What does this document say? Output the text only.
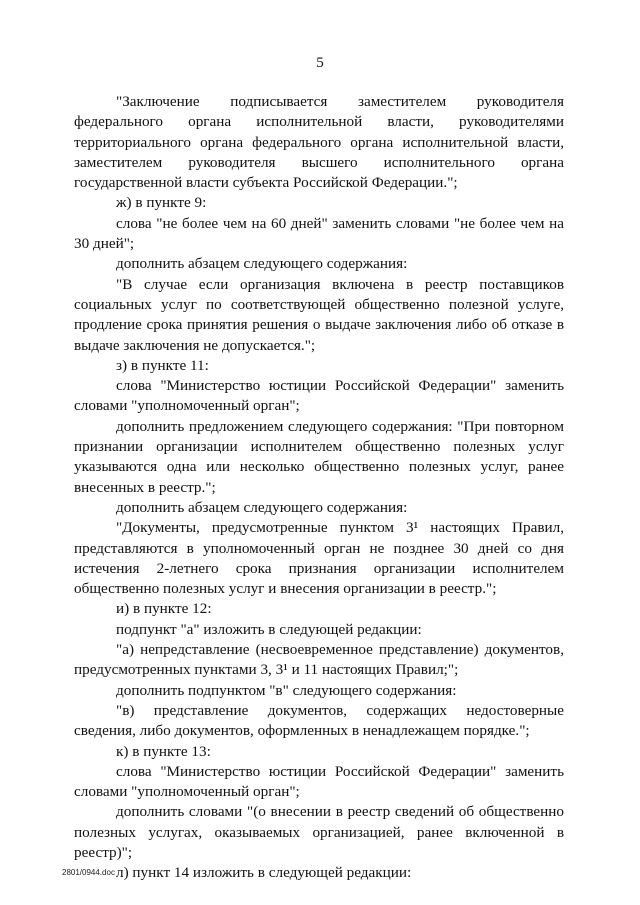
5

"Заключение подписывается заместителем руководителя федерального органа исполнительной власти, руководителями территориального органа федерального органа исполнительной власти, заместителем руководителя высшего исполнительного органа государственной власти субъекта Российской Федерации.";

ж) в пункте 9:

слова "не более чем на 60 дней" заменить словами "не более чем на 30 дней";

дополнить абзацем следующего содержания:

"В случае если организация включена в реестр поставщиков социальных услуг по соответствующей общественно полезной услуге, продление срока принятия решения о выдаче заключения либо об отказе в выдаче заключения не допускается.";

з) в пункте 11:

слова "Министерство юстиции Российской Федерации" заменить словами "уполномоченный орган";

дополнить предложением следующего содержания: "При повторном признании организации исполнителем общественно полезных услуг указываются одна или несколько общественно полезных услуг, ранее внесенных в реестр.";

дополнить абзацем следующего содержания:

"Документы, предусмотренные пунктом 3¹ настоящих Правил, представляются в уполномоченный орган не позднее 30 дней со дня истечения 2-летнего срока признания организации исполнителем общественно полезных услуг и внесения организации в реестр.";

и) в пункте 12:

подпункт "а" изложить в следующей редакции:

"а) непредставление (несвоевременное представление) документов, предусмотренных пунктами 3, 3¹ и 11 настоящих Правил;";

дополнить подпунктом "в" следующего содержания:

"в) представление документов, содержащих недостоверные сведения, либо документов, оформленных в ненадлежащем порядке.";

к) в пункте 13:

слова "Министерство юстиции Российской Федерации" заменить словами "уполномоченный орган";

дополнить словами "(о внесении в реестр сведений об общественно полезных услугах, оказываемых организацией, ранее включенной в реестр)";

л) пункт 14 изложить в следующей редакции:

2801/0944.doc
